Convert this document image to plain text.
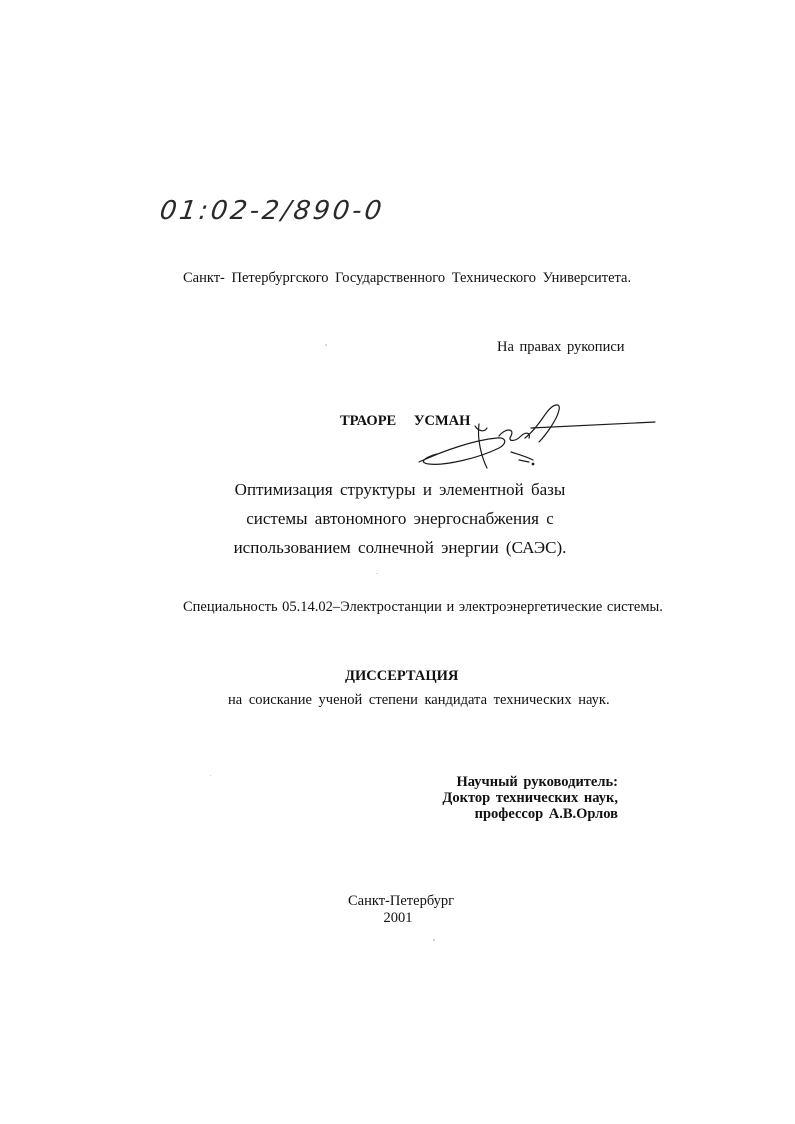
01:02-2/890-0
Санкт- Петербургского Государственного Технического Университета.
На правах рукописи
ТРАОРЕ УСМАН
Оптимизация структуры и элементной базы
системы автономного энергоснабжения с
использованием солнечной энергии (САЭС).
Специальность 05.14.02–Электростанции и электроэнергетические системы.
ДИССЕРТАЦИЯ
на соискание ученой степени кандидата технических наук.
Научный руководитель:
Доктор технических наук,
профессор А.В.Орлов
Санкт-Петербург
2001
